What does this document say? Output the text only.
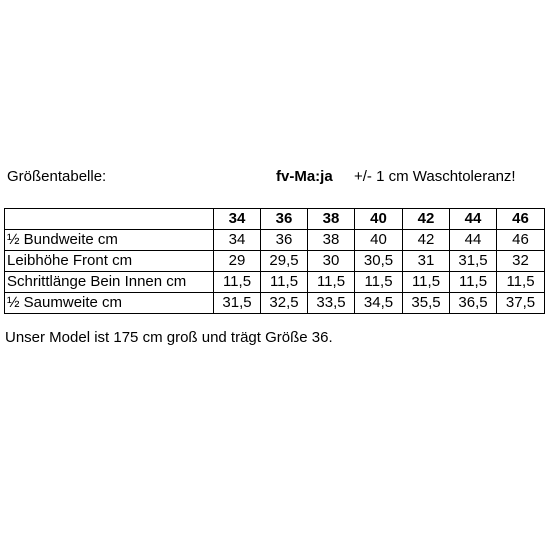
Größentabelle:	fv-Ma:ja +/- 1 cm Waschtoleranz!
	34	36	38	40	42	44	46
½ Bundweite cm	34	36	38	40	42	44	46
Leibhöhe Front cm	29	29,5	30	30,5	31	31,5	32
Schrittlänge Bein Innen cm	11,5	11,5	11,5	11,5	11,5	11,5	11,5
½ Saumweite cm	31,5	32,5	33,5	34,5	35,5	36,5	37,5
Unser Model ist 175 cm groß und trägt Größe 36.
